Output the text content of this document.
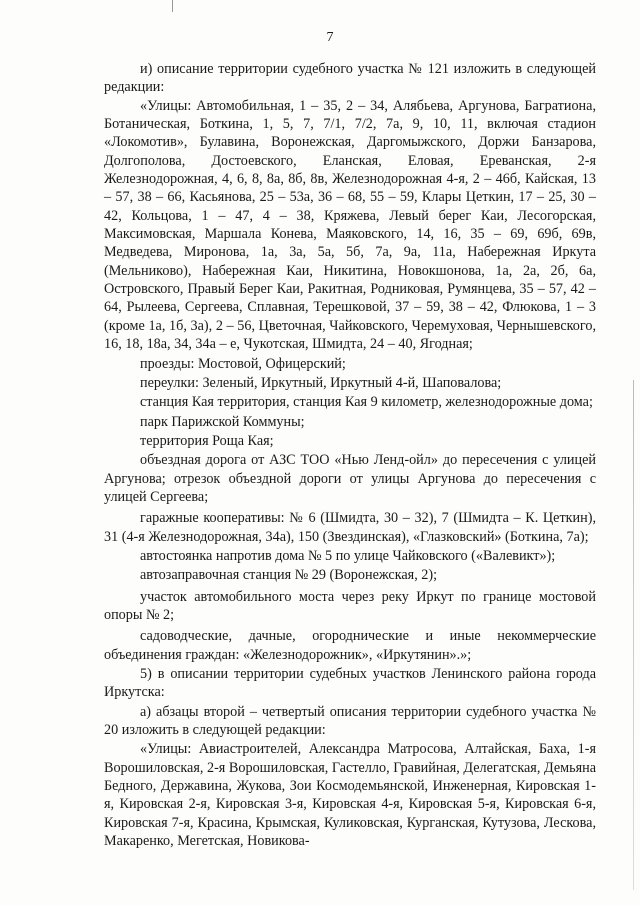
7

и) описание территории судебного участка № 121 изложить в следующей редакции:

«Улицы: Автомобильная, 1 – 35, 2 – 34, Алябьева, Аргунова, Багратиона, Ботаническая, Боткина, 1, 5, 7, 7/1, 7/2, 7а, 9, 10, 11, включая стадион «Локомотив», Булавина, Воронежская, Даргомыжского, Доржи Банзарова, Долгополова, Достоевского, Еланская, Еловая, Ереванская, 2-я Железнодорожная, 4, 6, 8, 8а, 8б, 8в, Железнодорожная 4-я, 2 – 46б, Кайская, 13 – 57, 38 – 66, Касьянова, 25 – 53а, 36 – 68, 55 – 59, Клары Цеткин, 17 – 25, 30 – 42, Кольцова, 1 – 47, 4 – 38, Кряжева, Левый берег Каи, Лесогорская, Максимовская, Маршала Конева, Маяковского, 14, 16, 35 – 69, 69б, 69в, Медведева, Миронова, 1а, 3а, 5а, 5б, 7а, 9а, 11а, Набережная Иркута (Мельниково), Набережная Каи, Никитина, Новокшонова, 1а, 2а, 2б, 6а, Островского, Правый Берег Каи, Ракитная, Родниковая, Румянцева, 35 – 57, 42 – 64, Рылеева, Сергеева, Сплавная, Терешковой, 37 – 59, 38 – 42, Флюкова, 1 – 3 (кроме 1а, 1б, 3а), 2 – 56, Цветочная, Чайковского, Черемуховая, Чернышевского, 16, 18, 18а, 34, 34а – е, Чукотская, Шмидта, 24 – 40, Ягодная;

проезды: Мостовой, Офицерский;

переулки: Зеленый, Иркутный, Иркутный 4-й, Шаповалова;

станция Кая территория, станция Кая 9 километр, железнодорожные дома;

парк Парижской Коммуны;

территория Роща Кая;

объездная дорога от АЗС ТОО «Нью Ленд-ойл» до пересечения с улицей Аргунова; отрезок объездной дороги от улицы Аргунова до пересечения с улицей Сергеева;

гаражные кооперативы: № 6 (Шмидта, 30 – 32), 7 (Шмидта – К. Цеткин), 31 (4-я Железнодорожная, 34а), 150 (Звездинская), «Глазковский» (Боткина, 7а);

автостоянка напротив дома № 5 по улице Чайковского («Валевикт»);

автозаправочная станция № 29 (Воронежская, 2);

участок автомобильного моста через реку Иркут по границе мостовой опоры № 2;

садоводческие, дачные, огороднические и иные некоммерческие объединения граждан: «Железнодорожник», «Иркутянин».»;

5) в описании территории судебных участков Ленинского района города Иркутска:

а) абзацы второй – четвертый описания территории судебного участка № 20 изложить в следующей редакции:

«Улицы: Авиастроителей, Александра Матросова, Алтайская, Баха, 1-я Ворошиловская, 2-я Ворошиловская, Гастелло, Гравийная, Делегатская, Демьяна Бедного, Державина, Жукова, Зои Космодемьянской, Инженерная, Кировская 1-я, Кировская 2-я, Кировская 3-я, Кировская 4-я, Кировская 5-я, Кировская 6-я, Кировская 7-я, Красина, Крымская, Куликовская, Курганская, Кутузова, Лескова, Макаренко, Мегетская, Новикова-
